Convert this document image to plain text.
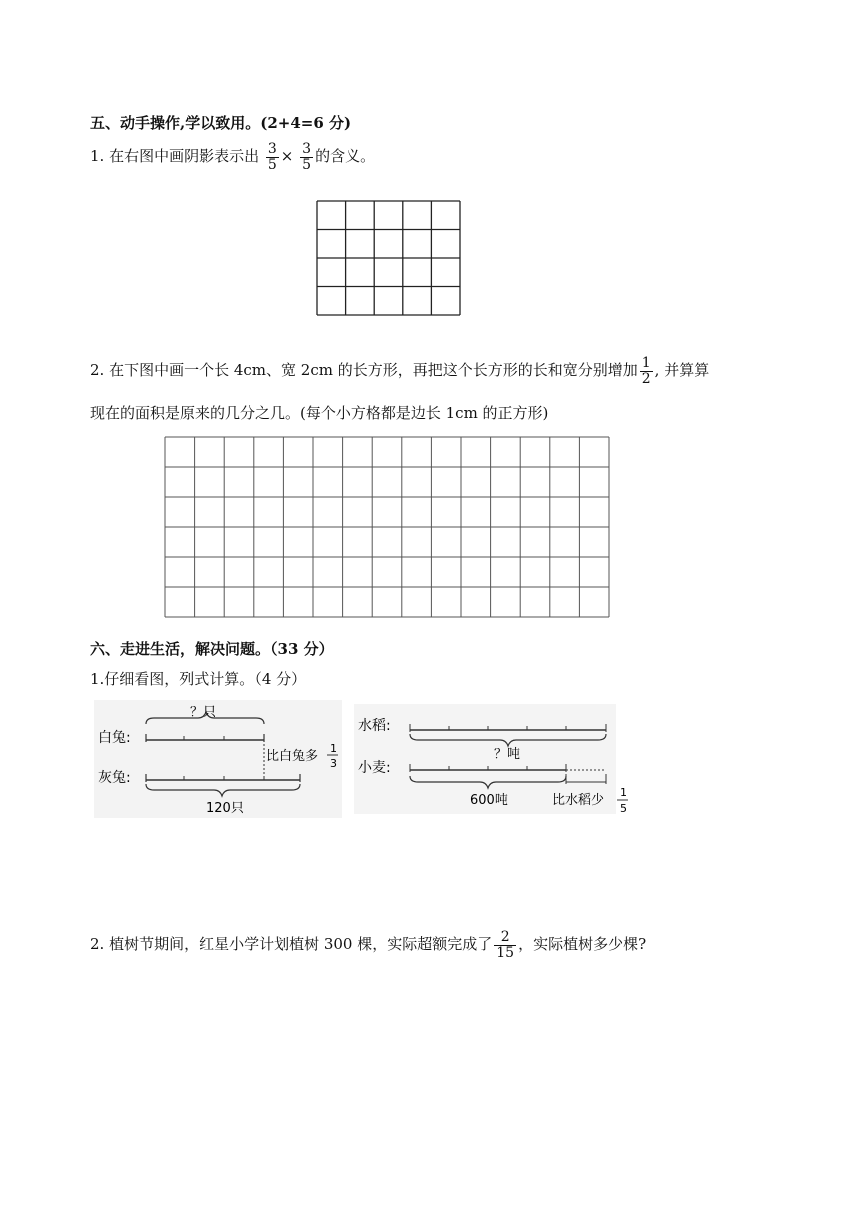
五、动手操作,学以致用。(2+4=6 分)
1. 在右图中画阴影表示出 $\frac{3}{5} \times \frac{3}{5}$ 的含义。
2. 在下图中画一个长 4cm、宽 2cm 的长方形，再把这个长方形的长和宽分别增加 $\frac{1}{2}$ , 并算算
现在的面积是原来的几分之几。(每个小方格都是边长 1cm 的正方形)
六、走进生活，解决问题。（33 分）
1.仔细看图，列式计算。（4 分）
？只
白兔:
灰兔:
比白兔多
1
3
120只
水稻:
？吨
小麦:
600吨	比水稻少
1
5
2. 植树节期间，红星小学计划植树 300 棵，实际超额完成了 $\frac{2}{15}$ ，实际植树多少棵?
